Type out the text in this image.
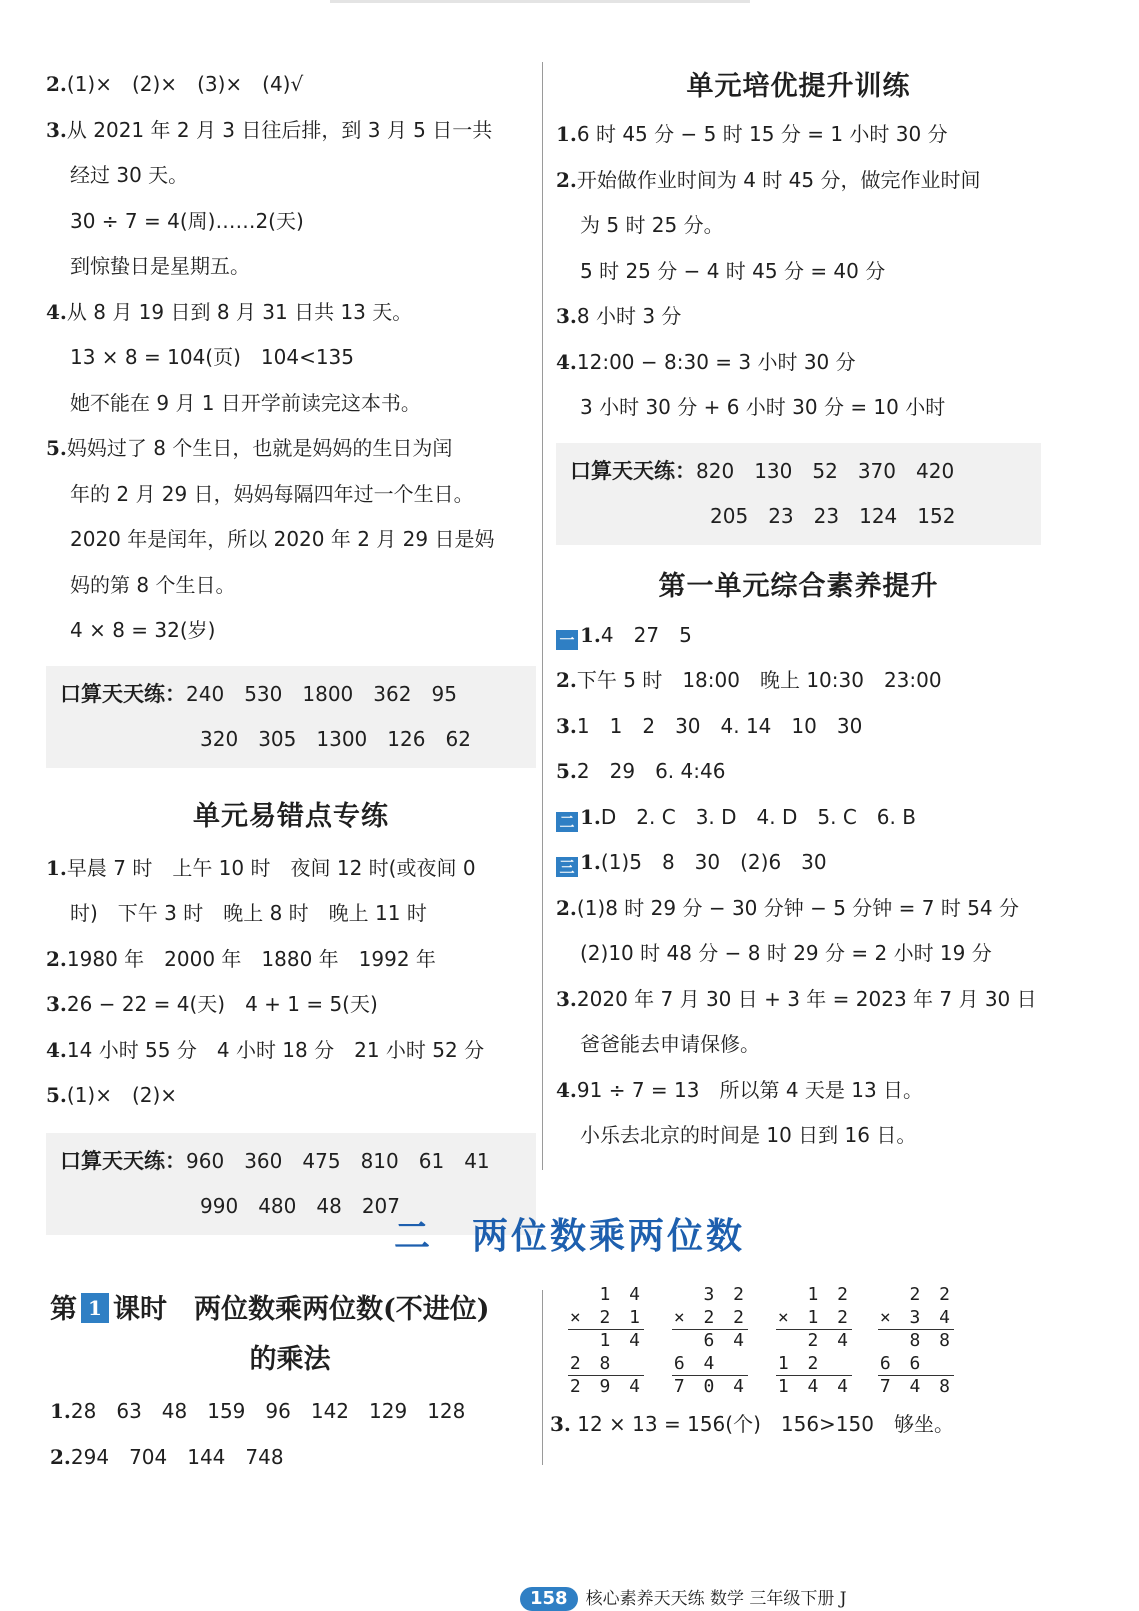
2.(1)×　(2)×　(3)×　(4)√
3.从 2021 年 2 月 3 日往后排，到 3 月 5 日一共
经过 30 天。
30 ÷ 7 = 4(周)……2(天)
到惊蛰日是星期五。
4.从 8 月 19 日到 8 月 31 日共 13 天。
13 × 8 = 104(页)　104<135
她不能在 9 月 1 日开学前读完这本书。
5.妈妈过了 8 个生日，也就是妈妈的生日为闰
年的 2 月 29 日，妈妈每隔四年过一个生日。
2020 年是闰年，所以 2020 年 2 月 29 日是妈
妈的第 8 个生日。
4 × 8 = 32(岁)
口算天天练：240 530 1800 362 95
320 305 1300 126 62
单元易错点专练
1.早晨 7 时　上午 10 时　夜间 12 时(或夜间 0
时)　下午 3 时　晚上 8 时　晚上 11 时
2.1980 年　2000 年　1880 年　1992 年
3.26 − 22 = 4(天)　4 + 1 = 5(天)
4.14 小时 55 分　4 小时 18 分　21 小时 52 分
5.(1)×　(2)×
口算天天练：960 360 475 810 61 41
990 480 48 207
单元培优提升训练
1.6 时 45 分 − 5 时 15 分 = 1 小时 30 分
2.开始做作业时间为 4 时 45 分，做完作业时间
为 5 时 25 分。
5 时 25 分 − 4 时 45 分 = 40 分
3.8 小时 3 分
4.12:00 − 8:30 = 3 小时 30 分
3 小时 30 分 + 6 小时 30 分 = 10 小时
口算天天练：820 130 52 370 420
205 23 23 124 152
第一单元综合素养提升
一 1.4　27　5
2.下午 5 时　18:00　晚上 10:30　23:00
3.1　1　2　30　4. 14　10　30
5.2　29　6. 4:46
二 1.D　2. C　3. D　4. D　5. C　6. B
三 1.(1)5　8　30　(2)6　30
2.(1)8 时 29 分 − 30 分钟 − 5 分钟 = 7 时 54 分
(2)10 时 48 分 − 8 时 29 分 = 2 小时 19 分
3.2020 年 7 月 30 日 + 3 年 = 2023 年 7 月 30 日
爸爸能去申请保修。
4.91 ÷ 7 = 13　所以第 4 天是 13 日。
小乐去北京的时间是 10 日到 16 日。
二　两位数乘两位数
第 1 课时　两位数乘两位数(不进位)
的乘法
1.28　63　48　159　96　142　129　128
2.294　704　144　748
1 4
× 2 1
1 4
2 8
2 9 4
3 2
× 2 2
6 4
6 4
7 0 4
1 2
× 1 2
2 4
1 2
1 4 4
2 2
× 3 4
8 8
6 6
7 4 8
3. 12 × 13 = 156(个)　156>150　够坐。
158 核心素养天天练 数学 三年级下册 J
